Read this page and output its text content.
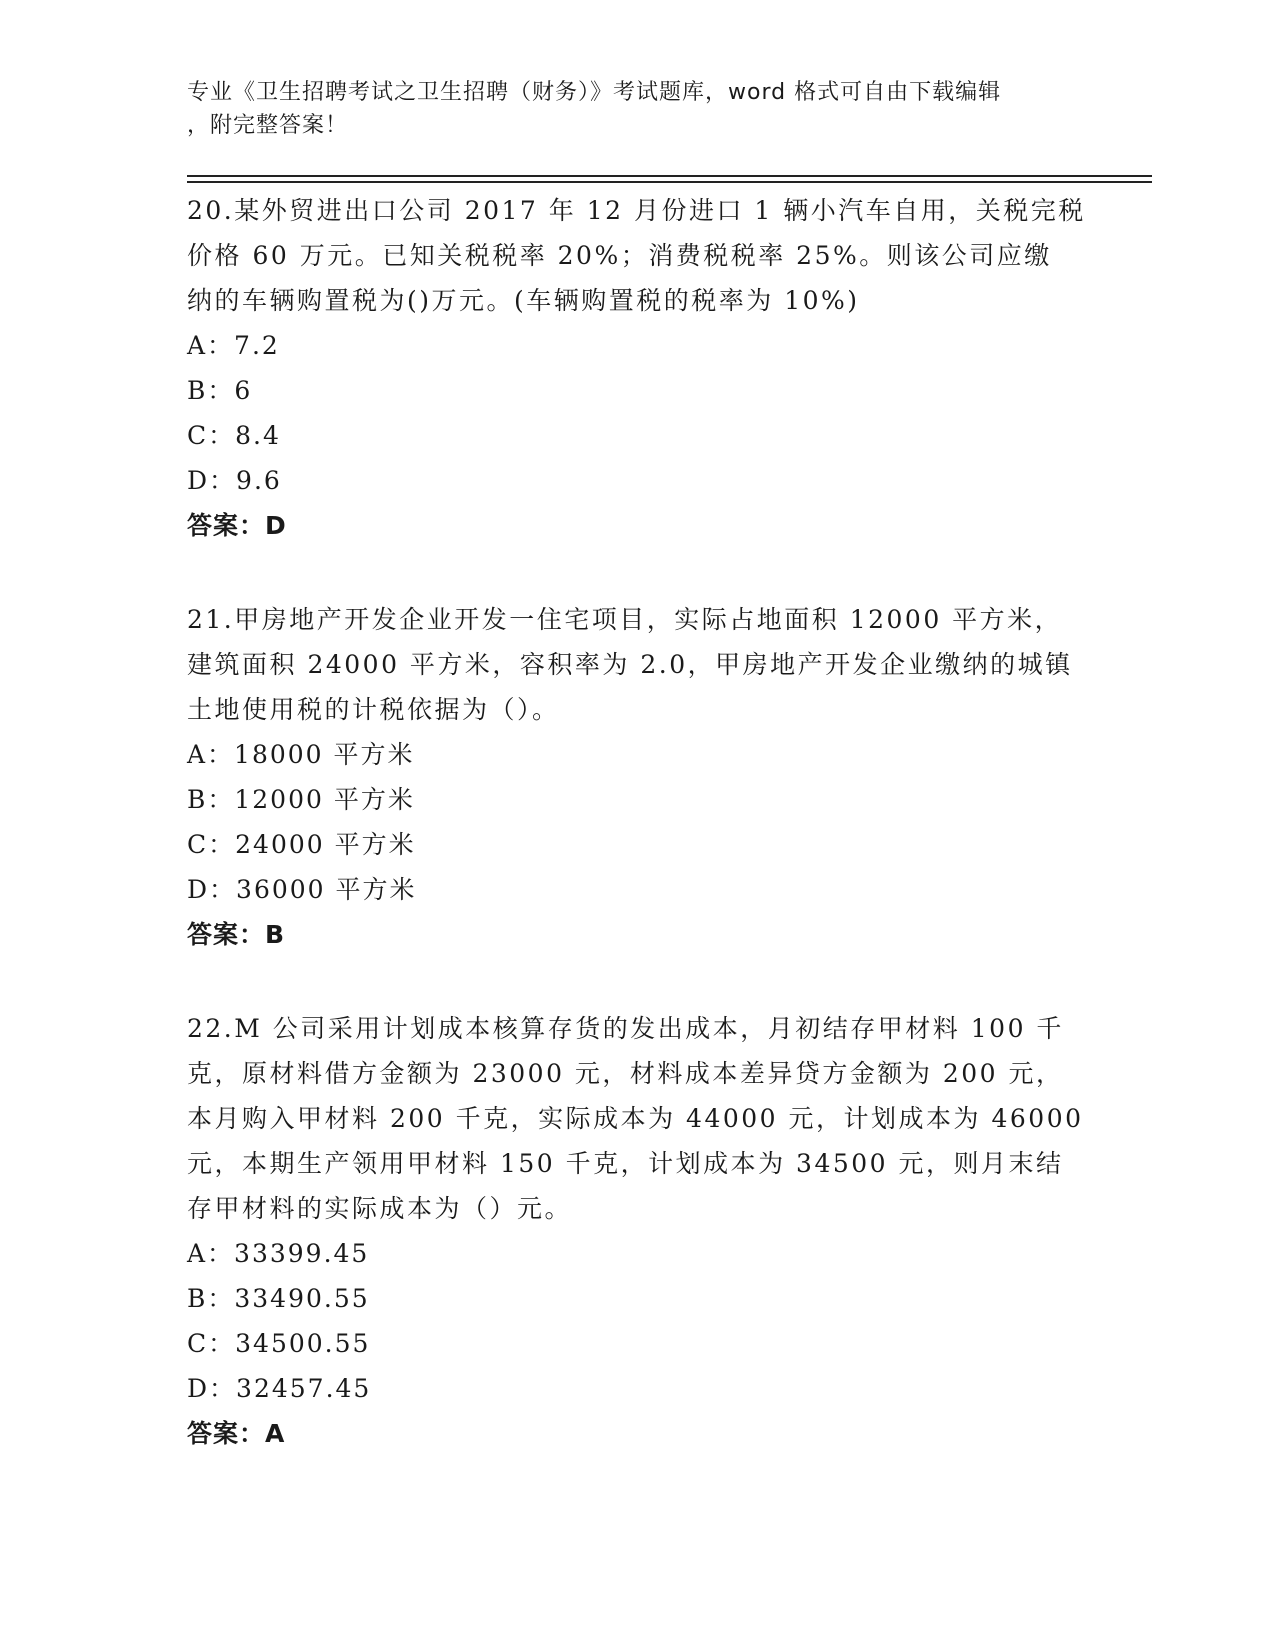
专业《卫生招聘考试之卫生招聘（财务）》考试题库，word 格式可自由下载编辑
，附完整答案！
20.某外贸进出口公司 2017 年 12 月份进口 1 辆小汽车自用，关税完税
价格 60 万元。已知关税税率 20%；消费税税率 25%。则该公司应缴
纳的车辆购置税为()万元。(车辆购置税的税率为 10%)
A：7.2
B：6
C：8.4
D：9.6
答案：D
21.甲房地产开发企业开发一住宅项目，实际占地面积 12000 平方米，
建筑面积 24000 平方米，容积率为 2.0，甲房地产开发企业缴纳的城镇
土地使用税的计税依据为（）。
A：18000 平方米
B：12000 平方米
C：24000 平方米
D：36000 平方米
答案：B
22.M 公司采用计划成本核算存货的发出成本，月初结存甲材料 100 千
克，原材料借方金额为 23000 元，材料成本差异贷方金额为 200 元，
本月购入甲材料 200 千克，实际成本为 44000 元，计划成本为 46000
元，本期生产领用甲材料 150 千克，计划成本为 34500 元，则月末结
存甲材料的实际成本为（）元。
A：33399.45
B：33490.55
C：34500.55
D：32457.45
答案：A
